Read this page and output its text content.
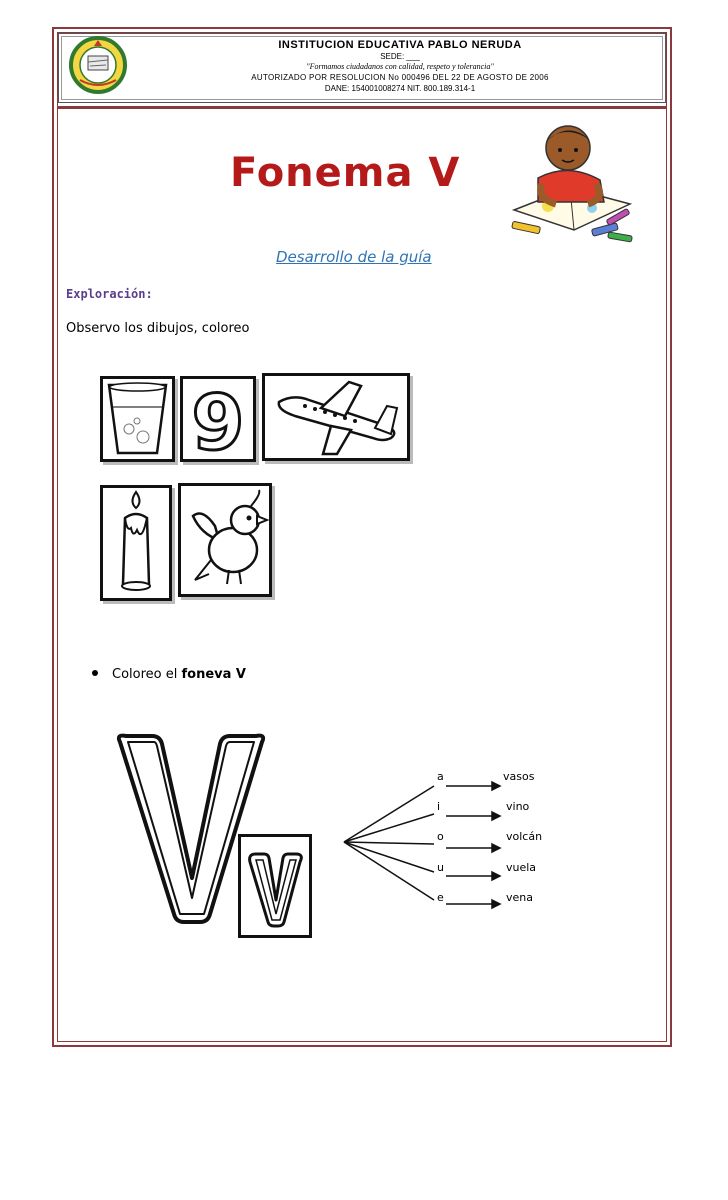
INSTITUCION EDUCATIVA PABLO NERUDA
SEDE: ___
"Formamos ciudadanos con calidad, respeto y tolerancia"
AUTORIZADO POR RESOLUCION No 000496 DEL 22 DE AGOSTO DE 2006
DANE: 154001008274 NIT. 800.189.314-1
Fonema V
Desarrollo de la guía
Exploración:
Observo los dibujos, coloreo
9
Coloreo el foneva V
a
i
o
u
e
vasos
vino
volcán
vuela
vena
